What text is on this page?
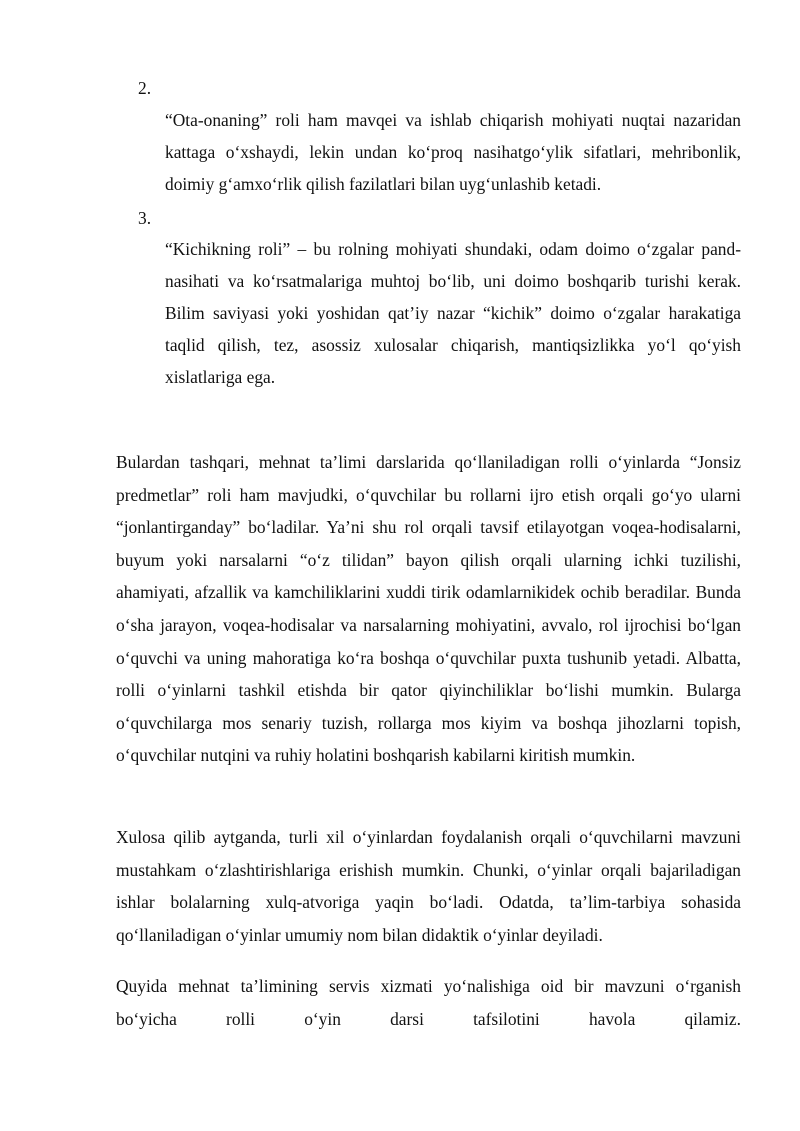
2.
“Ota-onaning” roli ham mavqei va ishlab chiqarish mohiyati nuqtai nazaridan kattaga o‘xshaydi, lekin undan ko‘proq nasihatgo‘ylik sifatlari, mehribonlik, doimiy g‘amxo‘rlik qilish fazilatlari bilan uyg‘unlashib ketadi.
3.
“Kichikning roli” – bu rolning mohiyati shundaki, odam doimo o‘zgalar pand-nasihati va ko‘rsatmalariga muhtoj bo‘lib, uni doimo boshqarib turishi kerak. Bilim saviyasi yoki yoshidan qat’iy nazar “kichik” doimo o‘zgalar harakatiga taqlid qilish, tez, asossiz xulosalar chiqarish, mantiqsizlikka yo‘l qo‘yish xislatlariga ega.

Bulardan tashqari, mehnat ta’limi darslarida qo‘llaniladigan rolli o‘yinlarda “Jonsiz predmetlar” roli ham mavjudki, o‘quvchilar bu rollarni ijro etish orqali go‘yo ularni “jonlantirganday” bo‘ladilar. Ya’ni shu rol orqali tavsif etilayotgan voqea-hodisalarni, buyum yoki narsalarni “o‘z tilidan” bayon qilish orqali ularning ichki tuzilishi, ahamiyati, afzallik va kamchiliklarini xuddi tirik odamlarnikidek ochib beradilar. Bunda o‘sha jarayon, voqea-hodisalar va narsalarning mohiyatini, avvalo, rol ijrochisi bo‘lgan o‘quvchi va uning mahoratiga ko‘ra boshqa o‘quvchilar puxta tushunib yetadi. Albatta, rolli o‘yinlarni tashkil etishda bir qator qiyinchiliklar bo‘lishi mumkin. Bularga o‘quvchilarga mos senariy tuzish, rollarga mos kiyim va boshqa jihozlarni topish, o‘quvchilar nutqini va ruhiy holatini boshqarish kabilarni kiritish mumkin.

Xulosa qilib aytganda, turli xil o‘yinlardan foydalanish orqali o‘quvchilarni mavzuni mustahkam o‘zlashtirishlariga erishish mumkin. Chunki, o‘yinlar orqali bajariladigan ishlar bolalarning xulq-atvoriga yaqin bo‘ladi. Odatda, ta’lim-tarbiya sohasida qo‘llaniladigan o‘yinlar umumiy nom bilan didaktik o‘yinlar deyiladi.

Quyida mehnat ta’limining servis xizmati yo‘nalishiga oid bir mavzuni o‘rganish bo‘yicha rolli o‘yin darsi tafsilotini havola qilamiz.
